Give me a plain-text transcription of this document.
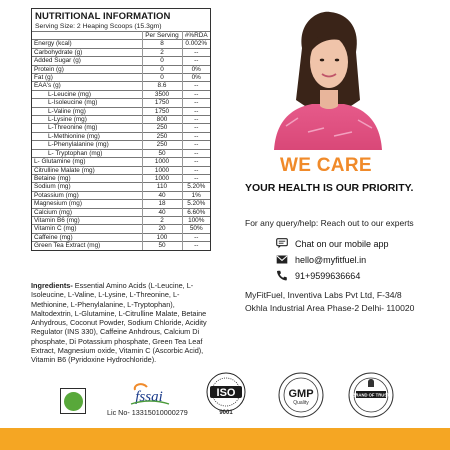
NUTRITIONAL INFORMATION
Serving Size: 2 Heaping Scoops (15.3gm)
	Per Serving	#%RDA
Energy (kcal)	8	0.002%
Carbohydrate (g)	2	--
Added Sugar (g)	0	--
Protein (g)	0	0%
Fat (g)	0	0%
EAA's (g)	8.6	--
L-Leucine (mg)	3500	--
L-Isoleucine (mg)	1750	--
L-Valine (mg)	1750	--
L-Lysine (mg)	800	--
L-Threonine (mg)	250	--
L-Methionine (mg)	250	--
L-Phenylalanine (mg)	250	--
L- Tryptophan (mg)	50	--
L- Glutamine (mg)	1000	--
Citrulline Malate (mg)	1000	--
Betaine (mg)	1000	--
Sodium (mg)	110	5.20%
Potassium (mg)	40	1%
Magnesium (mg)	18	5.20%
Calcium (mg)	40	6.60%
Vitamin B6 (mg)	2	100%
Vitamin C (mg)	20	50%
Caffeine (mg)	100	--
Green Tea Extract (mg)	50	--
Ingredients- Essential Amino Acids (L-Leucine, L-Isoleucine, L-Valine, L-Lysine, L-Threonine, L-Methionine, L-Phenylalanine, L-Tryptophan), Maltodextrin, L-Glutamine, L-Citrulline Malate, Betaine Anhydrous, Coconut Powder, Sodium Chloride, Acidity Regulator (INS 330), Caffeine Anhdrous, Calcium Di phosphate, Di Potassium phosphate, Green Tea Leaf Extract, Magnesium oxide, Vitamin C (Ascorbic Acid), Vitamin B6 (Pyridoxine Hydrochloride).
WE CARE
YOUR HEALTH IS OUR PRIORITY.
For any query/help: Reach out to our experts
Chat on our mobile app
hello@myfitfuel.in
91+9599636664
MyFitFuel, Inventiva Labs Pvt Ltd, F-34/8
Okhla Industrial Area Phase-2 Delhi- 110020
fssai
Lic No- 13315010000279
ISO
9001
GMP
Quality
BRAND OF TRUST
